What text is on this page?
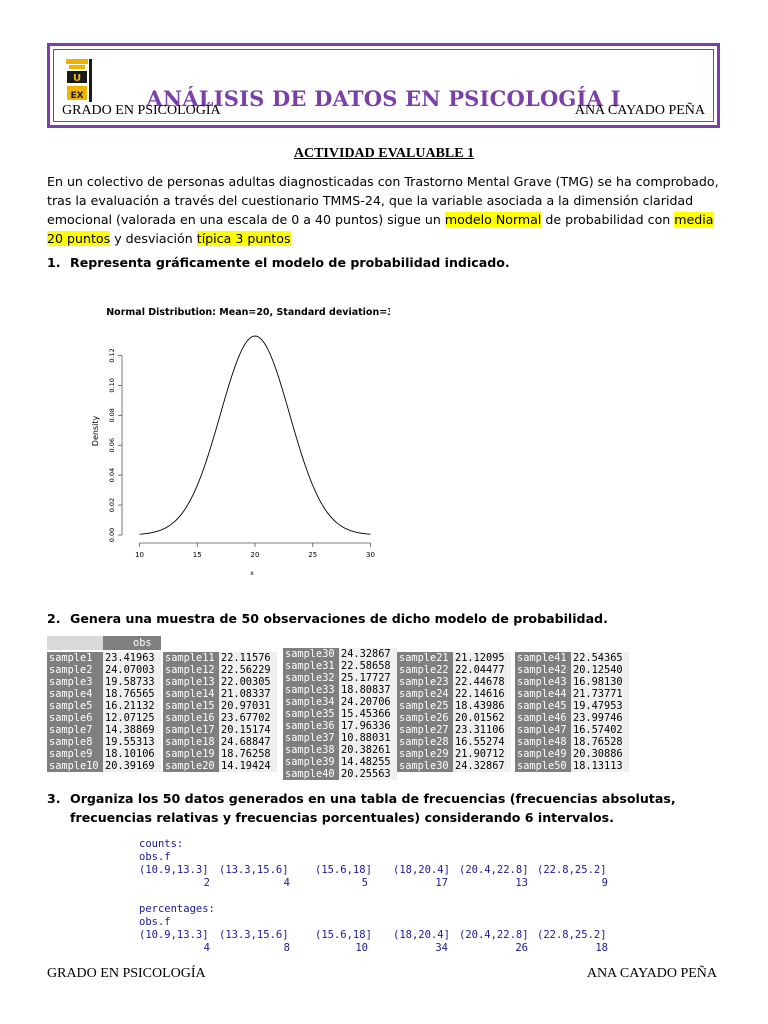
U
EX	ANÁLISIS DE DATOS EN PSICOLOGÍA I
GRADO EN PSICOLOGÍA	ANA CAYADO PEÑA
ACTIVIDAD EVALUABLE 1
En un colectivo de personas adultas diagnosticadas con Trastorno Mental Grave (TMG) se ha comprobado, tras la evaluación a través del cuestionario TMMS-24, que la variable asociada a la dimensión claridad emocional (valorada en una escala de 0 a 40 puntos) sigue un modelo Normal de probabilidad con media 20 puntos y desviación típica 3 puntos
1. Representa gráficamente el modelo de probabilidad indicado.
Normal Distribution: Mean=20, Standard deviation=3
Density
x
10	15	20	25	30
0.00
0.02
0.04
0.06
0.08
0.10
0.12
2. Genera una muestra de 50 observaciones de dicho modelo de probabilidad.
obs
sample1	23.41963
sample2	24.07003
sample3	19.58733
sample4	18.76565
sample5	16.21132
sample6	12.07125
sample7	14.38869
sample8	19.55313
sample9	18.10106
sample10 20.39169
sample11 22.11576
sample12 22.56229
sample13 22.00305
sample14 21.08337
sample15 20.97031
sample16 23.67702
sample17 20.15174
sample18 24.68847
sample19 18.76258
sample20 14.19424
sample30 24.32867
sample31 22.58658
sample32 25.17727
sample33 18.80837
sample34 24.20706
sample35 15.45366
sample36 17.96336
sample37 10.88031
sample38 20.38261
sample39 14.48255
sample40 20.25563
sample21 21.12095
sample22 22.04477
sample23 22.44678
sample24 22.14616
sample25 18.43986
sample26 20.01562
sample27 23.31106
sample28 16.55274
sample29 21.90712
sample30 24.32867
sample41 22.54365
sample42 20.12540
sample43 16.98130
sample44 21.73771
sample45 19.47953
sample46 23.99746
sample47 16.57402
sample48 18.76528
sample49 20.30886
sample50 18.13113
3. Organiza los 50 datos generados en una tabla de frecuencias (frecuencias absolutas, frecuencias relativas y frecuencias porcentuales) considerando 6 intervalos.
counts:
obs.f
(10.9,13.3] (13.3,15.6]	(15.6,18] (18,20.4] (20.4,22.8] (22.8,25.2]
2	4	5	17	13	9
percentages:
obs.f
(10.9,13.3] (13.3,15.6]	(15.6,18] (18,20.4] (20.4,22.8] (22.8,25.2]
4	8	10	34	26	18
GRADO EN PSICOLOGÍA	ANA CAYADO PEÑA
